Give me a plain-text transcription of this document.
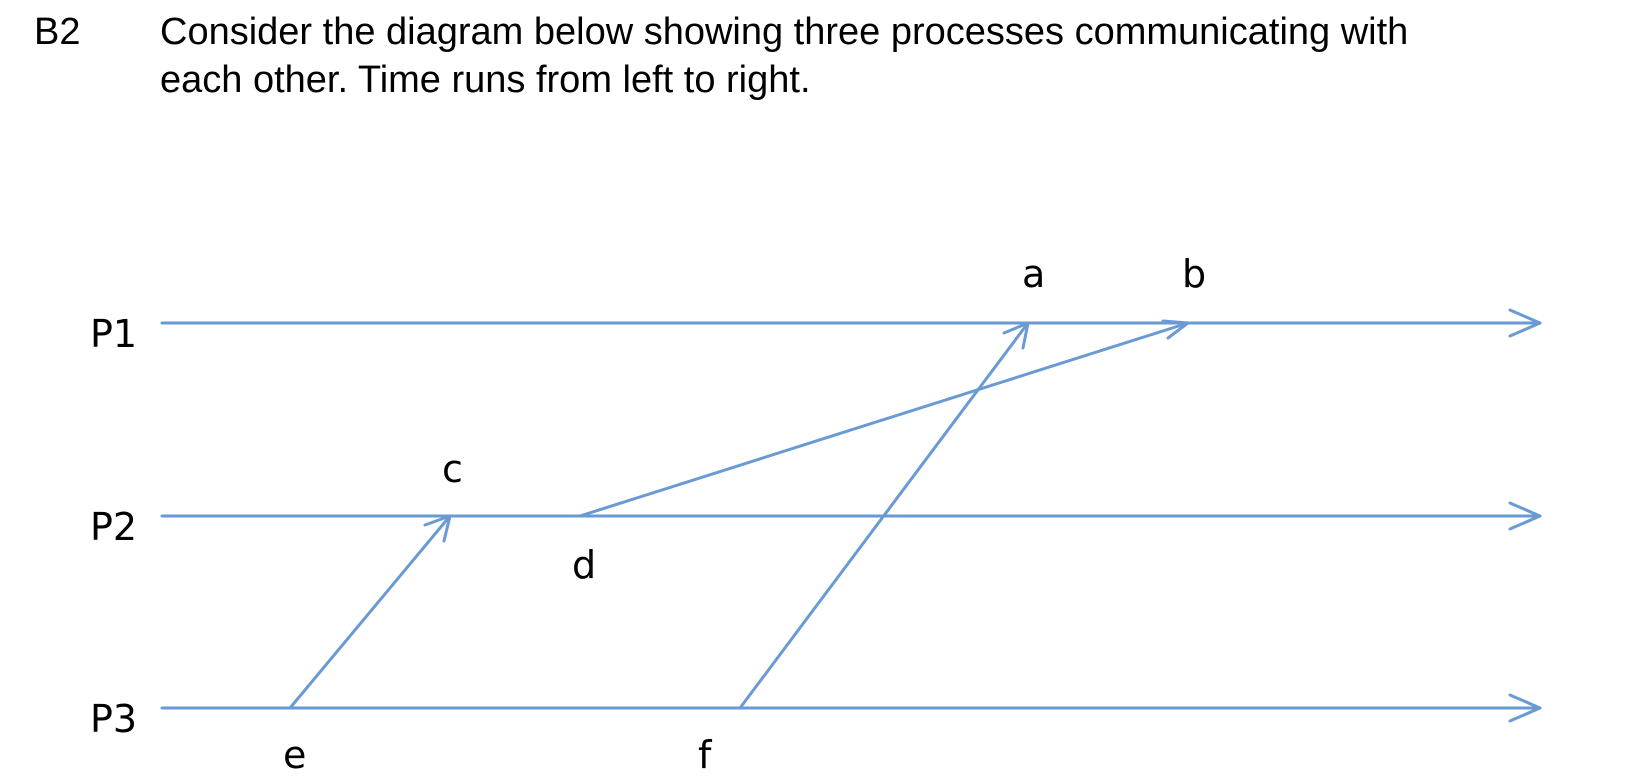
B2 Consider the diagram below showing three processes communicating with
each other. Time runs from left to right.
P1
P2
P3
a	b
c
d
e	f
